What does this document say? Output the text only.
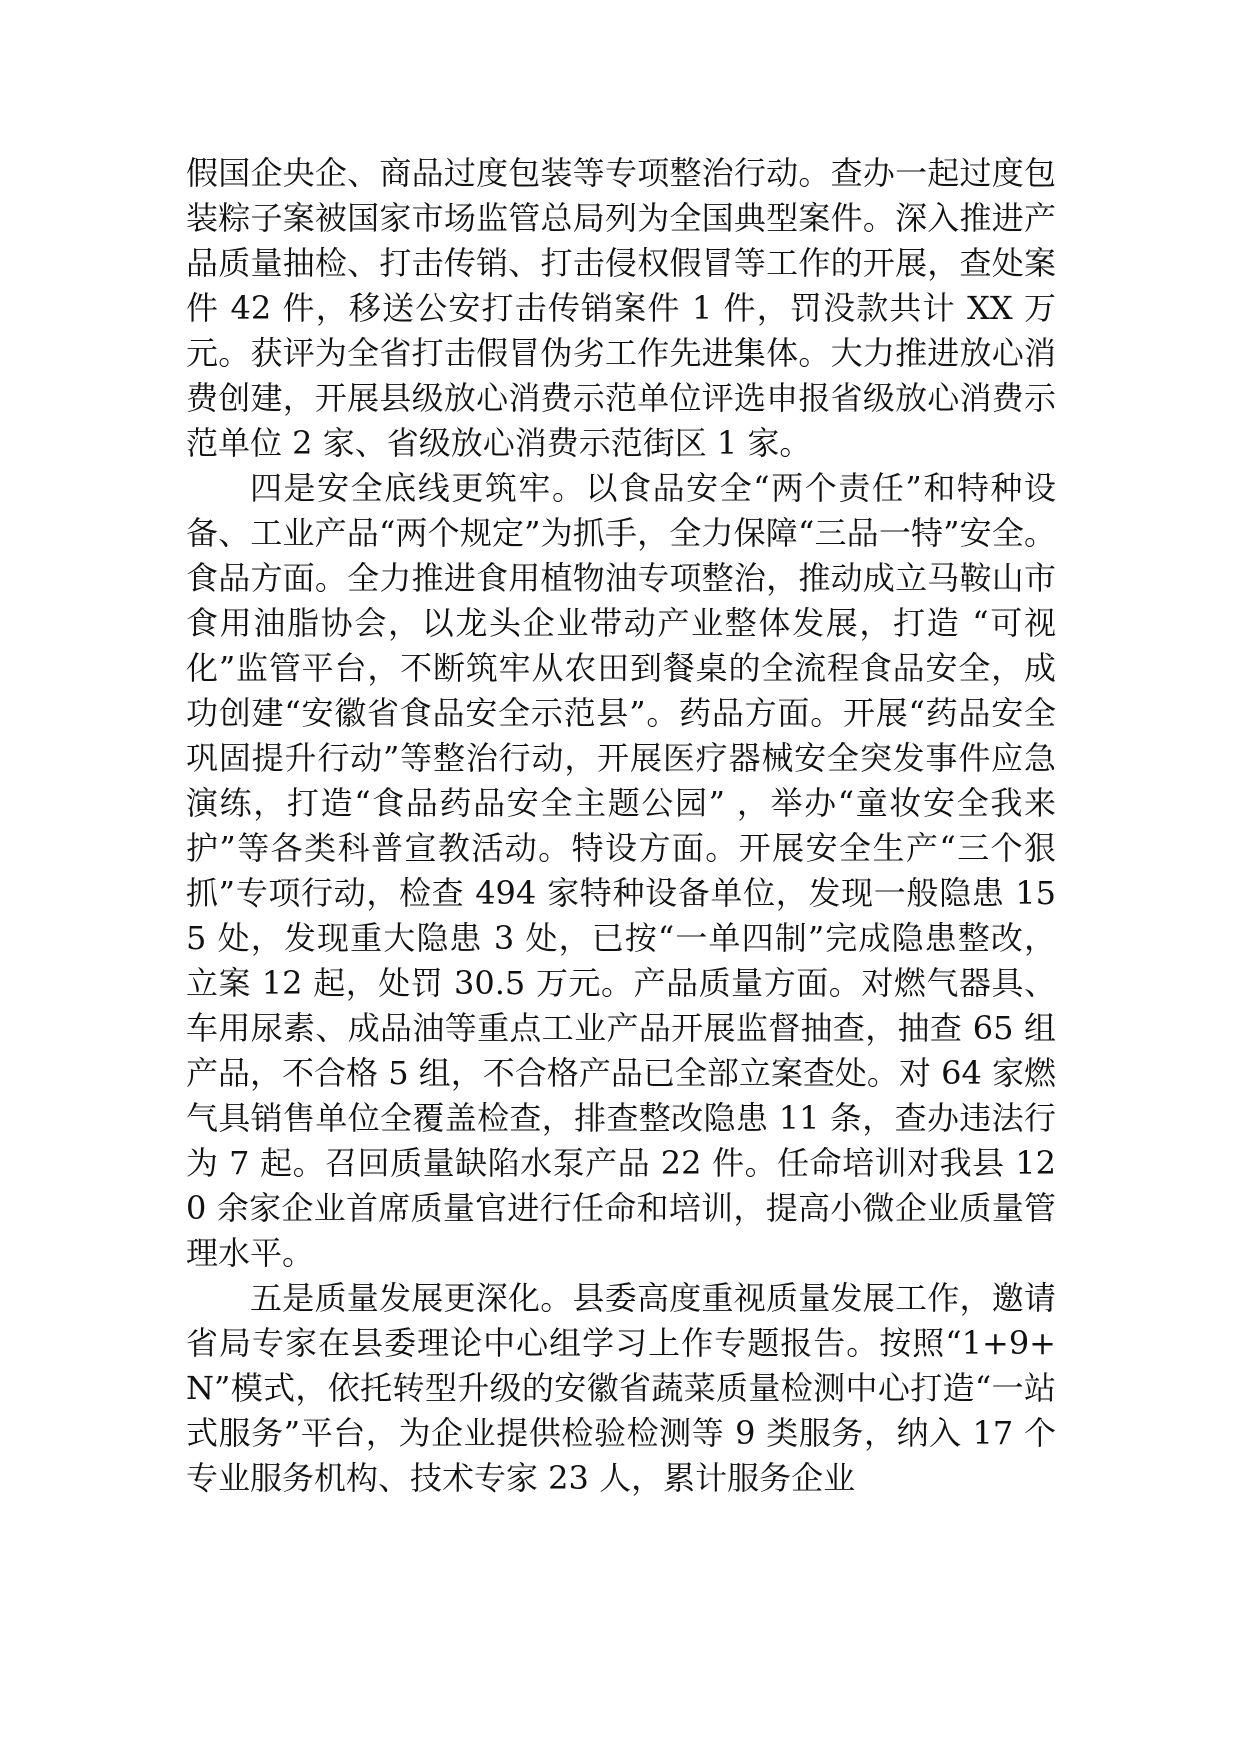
假国企央企、商品过度包装等专项整治行动。查办一起过度包装粽子案被国家市场监管总局列为全国典型案件。深入推进产品质量抽检、打击传销、打击侵权假冒等工作的开展，查处案件 42 件，移送公安打击传销案件 1 件，罚没款共计 XX 万元。获评为全省打击假冒伪劣工作先进集体。大力推进放心消费创建，开展县级放心消费示范单位评选申报省级放心消费示范单位 2 家、省级放心消费示范街区 1 家。

四是安全底线更筑牢。以食品安全“两个责任”和特种设备、工业产品“两个规定”为抓手，全力保障“三品一特”安全。食品方面。全力推进食用植物油专项整治，推动成立马鞍山市食用油脂协会，以龙头企业带动产业整体发展，打造 “可视化”监管平台，不断筑牢从农田到餐桌的全流程食品安全，成功创建“安徽省食品安全示范县”。药品方面。开展“药品安全巩固提升行动”等整治行动，开展医疗器械安全突发事件应急演练，打造“食品药品安全主题公园” ，举办“童妆安全我来护”等各类科普宣教活动。特设方面。开展安全生产“三个狠抓”专项行动，检查 494 家特种设备单位，发现一般隐患 155 处，发现重大隐患 3 处，已按“一单四制”完成隐患整改，立案 12 起，处罚 30.5 万元。产品质量方面。对燃气器具、车用尿素、成品油等重点工业产品开展监督抽查，抽查 65 组产品，不合格 5 组，不合格产品已全部立案查处。对 64 家燃气具销售单位全覆盖检查，排查整改隐患 11 条，查办违法行为 7 起。召回质量缺陷水泵产品 22 件。任命培训对我县 120 余家企业首席质量官进行任命和培训，提高小微企业质量管理水平。

五是质量发展更深化。县委高度重视质量发展工作，邀请省局专家在县委理论中心组学习上作专题报告。按照“1+9+N”模式，依托转型升级的安徽省蔬菜质量检测中心打造“一站式服务”平台，为企业提供检验检测等 9 类服务，纳入 17 个专业服务机构、技术专家 23 人，累计服务企业
